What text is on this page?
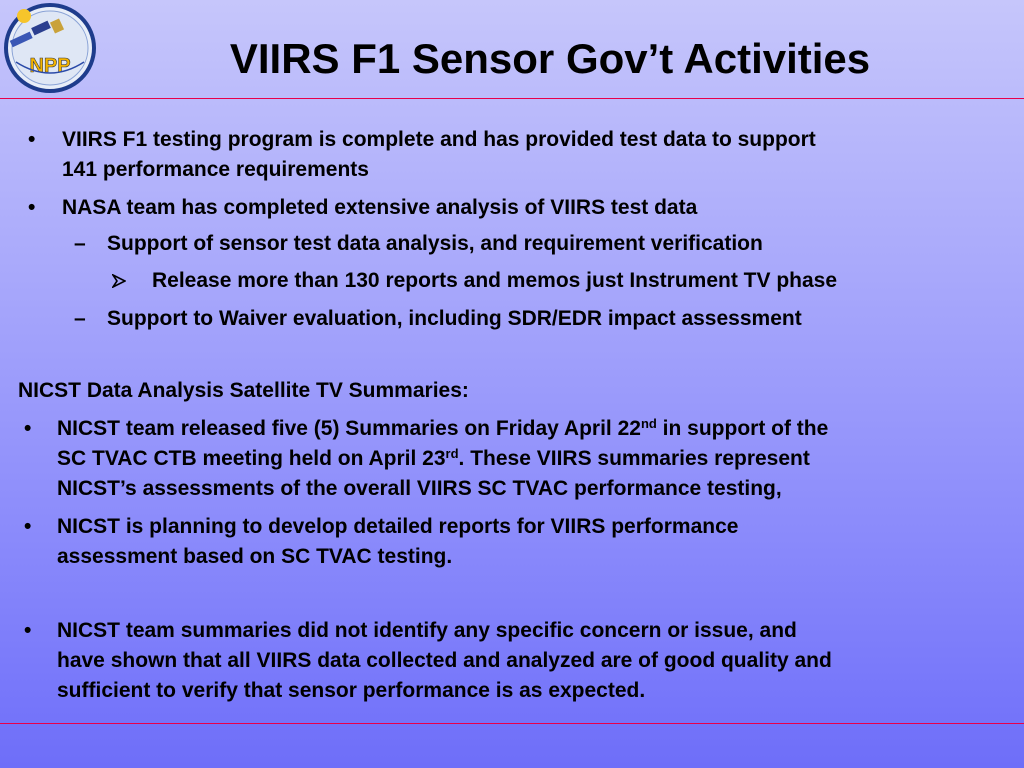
NPP	VIIRS F1 Sensor Gov’t Activities
• VIIRS F1 testing program is complete and has provided test data to support
141 performance requirements
• NASA team has completed extensive analysis of VIIRS test data
– Support of sensor test data analysis, and requirement verification
Release more than 130 reports and memos just Instrument TV phase
– Support to Waiver evaluation, including SDR/EDR impact assessment
NICST Data Analysis Satellite TV Summaries:
• NICST team released five (5) Summaries on Friday April 22nd in support of the
SC TVAC CTB meeting held on April 23rd. These VIIRS summaries represent
NICST’s assessments of the overall VIIRS SC TVAC performance testing,
• NICST is planning to develop detailed reports for VIIRS performance
assessment based on SC TVAC testing.
• NICST team summaries did not identify any specific concern or issue, and
have shown that all VIIRS data collected and analyzed are of good quality and
sufficient to verify that sensor performance is as expected.
